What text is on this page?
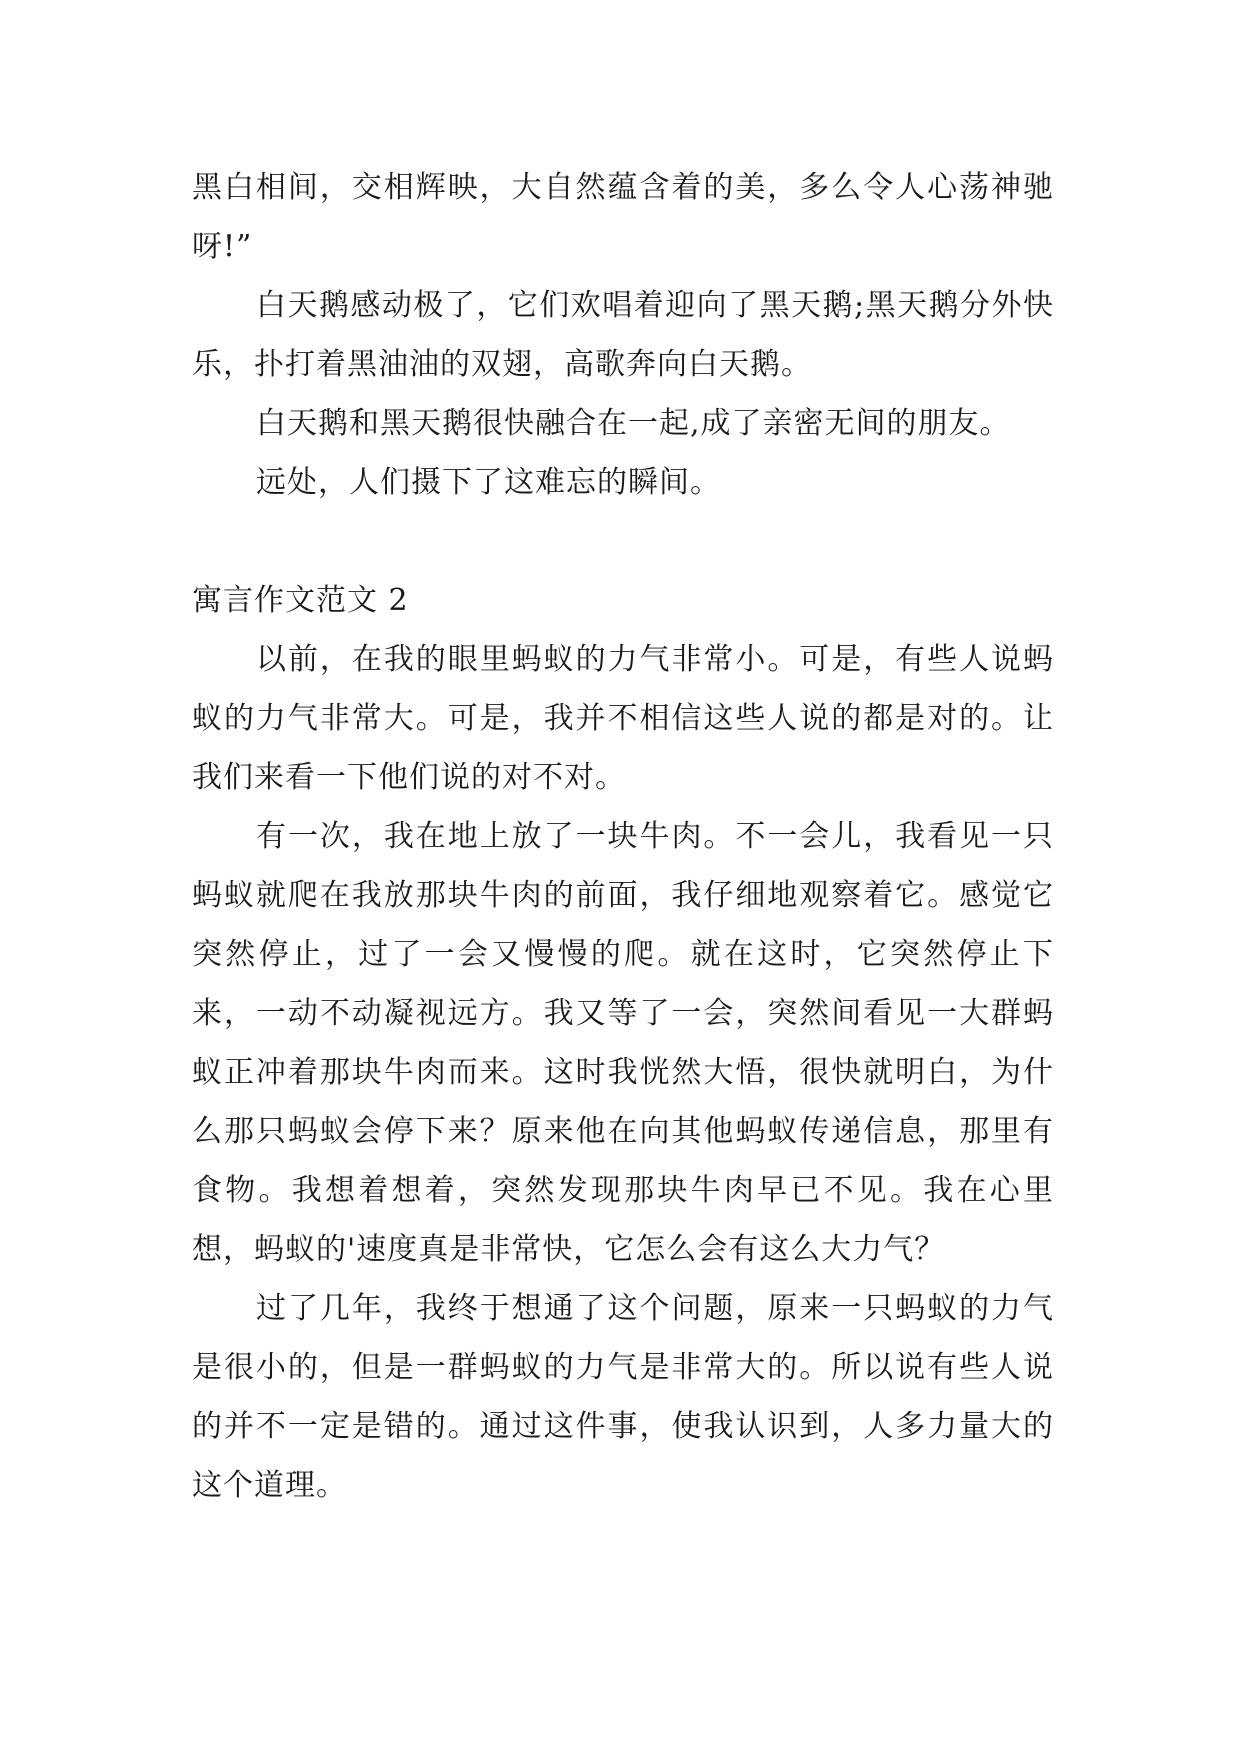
黑白相间，交相辉映，大自然蕴含着的美，多么令人心荡神驰呀!”

白天鹅感动极了，它们欢唱着迎向了黑天鹅;黑天鹅分外快乐，扑打着黑油油的双翅，高歌奔向白天鹅。

白天鹅和黑天鹅很快融合在一起,成了亲密无间的朋友。

远处，人们摄下了这难忘的瞬间。

寓言作文范文 2

以前，在我的眼里蚂蚁的力气非常小。可是，有些人说蚂蚁的力气非常大。可是，我并不相信这些人说的都是对的。让我们来看一下他们说的对不对。

有一次，我在地上放了一块牛肉。不一会儿，我看见一只蚂蚁就爬在我放那块牛肉的前面，我仔细地观察着它。感觉它突然停止，过了一会又慢慢的爬。就在这时，它突然停止下来，一动不动凝视远方。我又等了一会，突然间看见一大群蚂蚁正冲着那块牛肉而来。这时我恍然大悟，很快就明白，为什么那只蚂蚁会停下来？原来他在向其他蚂蚁传递信息，那里有食物。我想着想着，突然发现那块牛肉早已不见。我在心里想，蚂蚁的'速度真是非常快，它怎么会有这么大力气？

过了几年，我终于想通了这个问题，原来一只蚂蚁的力气是很小的，但是一群蚂蚁的力气是非常大的。所以说有些人说的并不一定是错的。通过这件事，使我认识到，人多力量大的这个道理。
